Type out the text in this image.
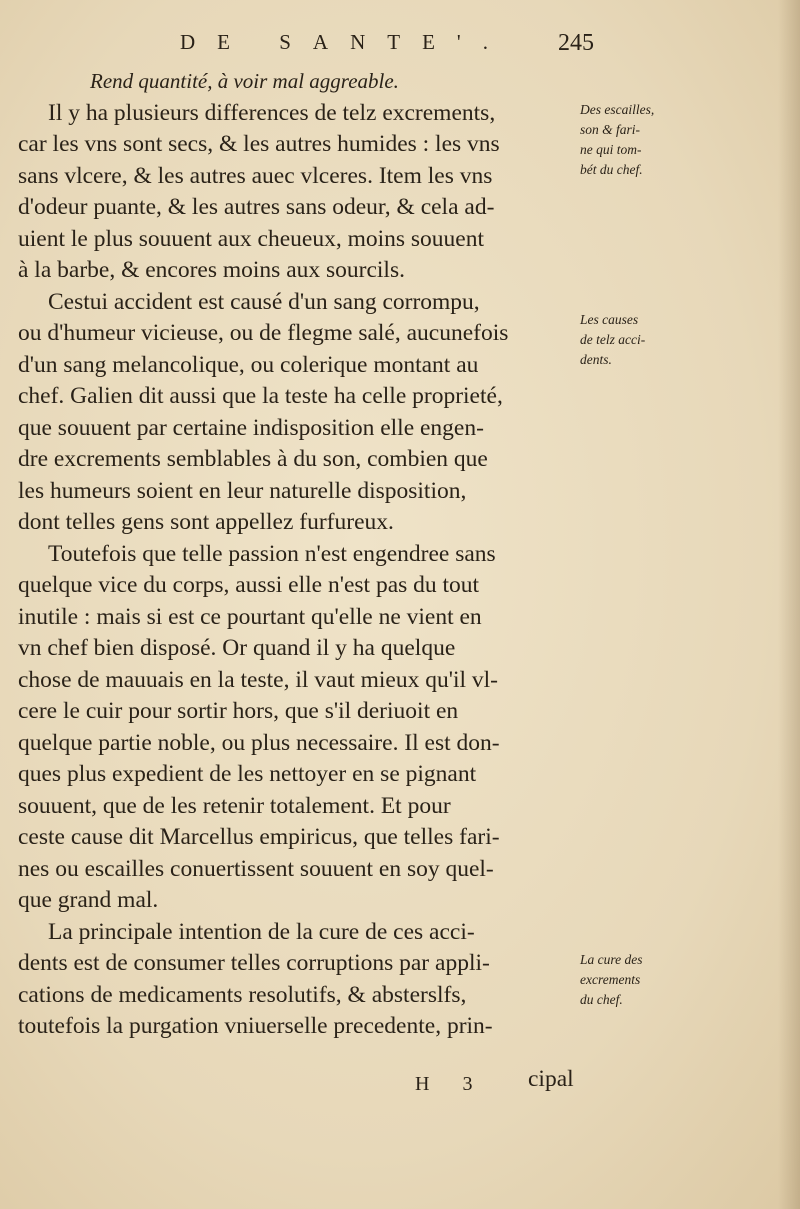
DE SANTE'.	245
Rend quantité, à voir mal aggreable.
Il y ha plusieurs differences de telz excrements,
car les vns sont secs, & les autres humides : les vns
sans vlcere, & les autres auec vlceres. Item les vns
d'odeur puante, & les autres sans odeur, & cela ad-
uient le plus souuent aux cheueux, moins souuent
à la barbe, & encores moins aux sourcils.
Cestui accident est causé d'un sang corrompu,
ou d'humeur vicieuse, ou de flegme salé, aucunefois
d'un sang melancolique, ou colerique montant au
chef. Galien dit aussi que la teste ha celle proprieté,
que souuent par certaine indisposition elle engen-
dre excrements semblables à du son, combien que
les humeurs soient en leur naturelle disposition,
dont telles gens sont appellez furfureux.
Toutefois que telle passion n'est engendree sans
quelque vice du corps, aussi elle n'est pas du tout
inutile : mais si est ce pourtant qu'elle ne vient en
vn chef bien disposé. Or quand il y ha quelque
chose de mauuais en la teste, il vaut mieux qu'il vl-
cere le cuir pour sortir hors, que s'il deriuoit en
quelque partie noble, ou plus necessaire. Il est don-
ques plus expedient de les nettoyer en se pignant
souuent, que de les retenir totalement. Et pour
ceste cause dit Marcellus empiricus, que telles fari-
nes ou escailles conuertissent souuent en soy quel-
que grand mal.
La principale intention de la cure de ces acci-
dents est de consumer telles corruptions par appli-
cations de medicaments resolutifs, & absterslfs,
toutefois la purgation vniuerselle precedente, prin-
Des escailles,
son & fari-
ne qui tom-
bét du chef.
Les causes
de telz acci-
dents.
La cure des
excrements
du chef.
H 3 cipal
